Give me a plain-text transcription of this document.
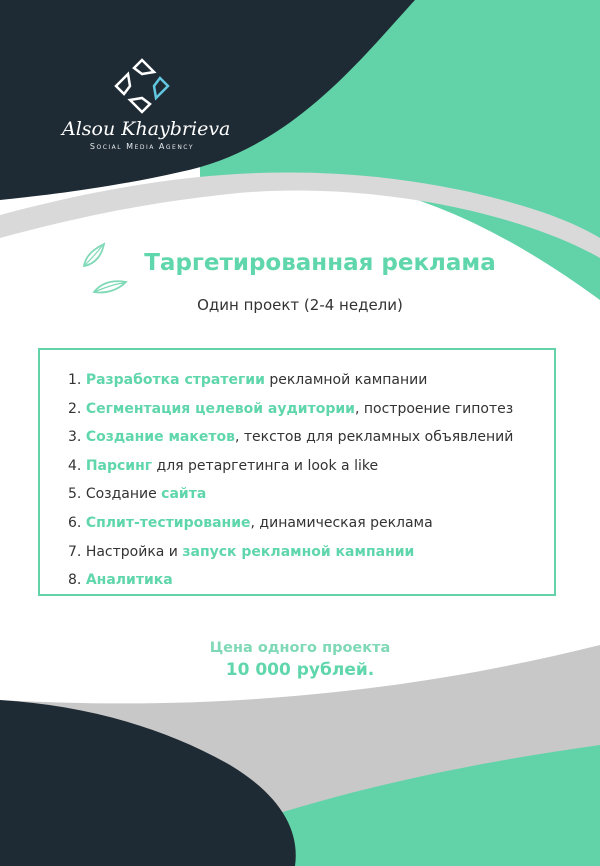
Alsou Khaybrieva
Social Media Agency
Таргетированная реклама
Один проект (2-4 недели)
1. Разработка стратегии рекламной кампании
2. Сегментация целевой аудитории, построение гипотез
3. Создание макетов, текстов для рекламных объявлений
4. Парсинг для ретаргетинга и look a like
5. Создание сайта
6. Сплит-тестирование, динамическая реклама
7. Настройка и запуск рекламной кампании
8. Аналитика
Цена одного проекта
10 000 рублей.
